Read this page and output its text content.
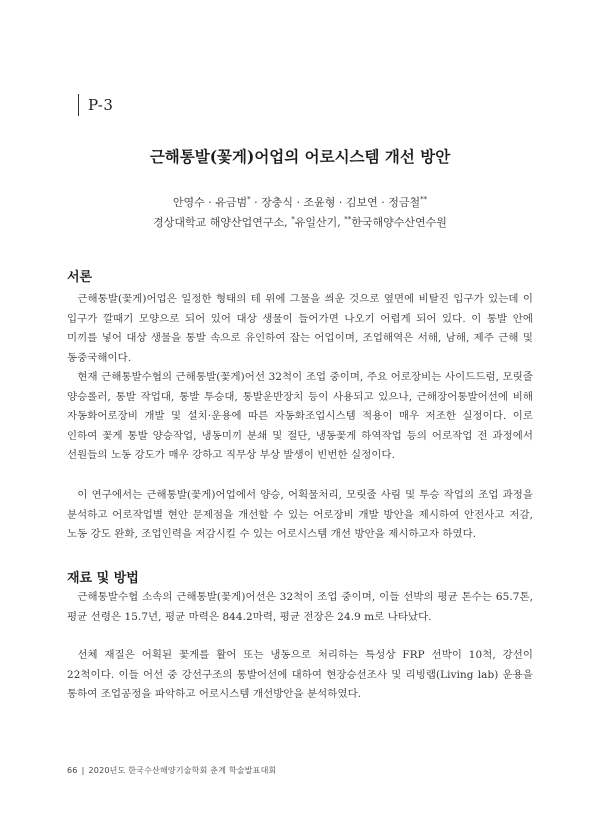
P-3
근해통발(꽃게)어업의 어로시스템 개선 방안
안영수 · 유금범* · 장충식 · 조윤형 · 김보연 · 정금철**
경상대학교 해양산업연구소, *유일산기, **한국해양수산연수원
서론
근해통발(꽃게)어업은 일정한 형태의 테 위에 그물을 씌운 것으로 옆면에 비탈진 입구가 있는데 이 입구가 깔때기 모양으로 되어 있어 대상 생물이 들어가면 나오기 어렵게 되어 있다. 이 통발 안에 미끼를 넣어 대상 생물을 통발 속으로 유인하여 잡는 어업이며, 조업해역은 서해, 남해, 제주 근해 및 동중국해이다.
현재 근해통발수협의 근해통발(꽃게)어선 32척이 조업 중이며, 주요 어로장비는 사이드드럼, 모릿줄 양승롤러, 통발 작업대, 통발 투승대, 통발운반장치 등이 사용되고 있으나, 근해장어통발어선에 비해 자동화어로장비 개발 및 설치·운용에 따른 자동화조업시스템 적용이 매우 저조한 실정이다. 이로 인하여 꽃게 통발 양승작업, 냉동미끼 분쇄 및 절단, 냉동꽃게 하역작업 등의 어로작업 전 과정에서 선원들의 노동 강도가 매우 강하고 직무상 부상 발생이 빈번한 실정이다.
이 연구에서는 근해통발(꽃게)어업에서 양승, 어획물처리, 모릿줄 사림 및 투승 작업의 조업 과정을 분석하고 어로작업별 현안 문제점을 개선할 수 있는 어로장비 개발 방안을 제시하여 안전사고 저감, 노동 강도 완화, 조업인력을 저감시킬 수 있는 어로시스템 개선 방안을 제시하고자 하였다.
재료 및 방법
근해통발수협 소속의 근해통발(꽃게)어선은 32척이 조업 중이며, 이들 선박의 평균 톤수는 65.7톤, 평균 선령은 15.7년, 평균 마력은 844.2마력, 평균 전장은 24.9 m로 나타났다.
선체 재질은 어획된 꽃게를 활어 또는 냉동으로 처리하는 특성상 FRP 선박이 10척, 강선이 22척이다. 이들 어선 중 강선구조의 통발어선에 대하여 현장승선조사 및 리빙랩(Living lab) 운용을 통하여 조업공정을 파악하고 어로시스템 개선방안을 분석하였다.
66 | 2020년도 한국수산해양기술학회 춘계 학술발표대회
